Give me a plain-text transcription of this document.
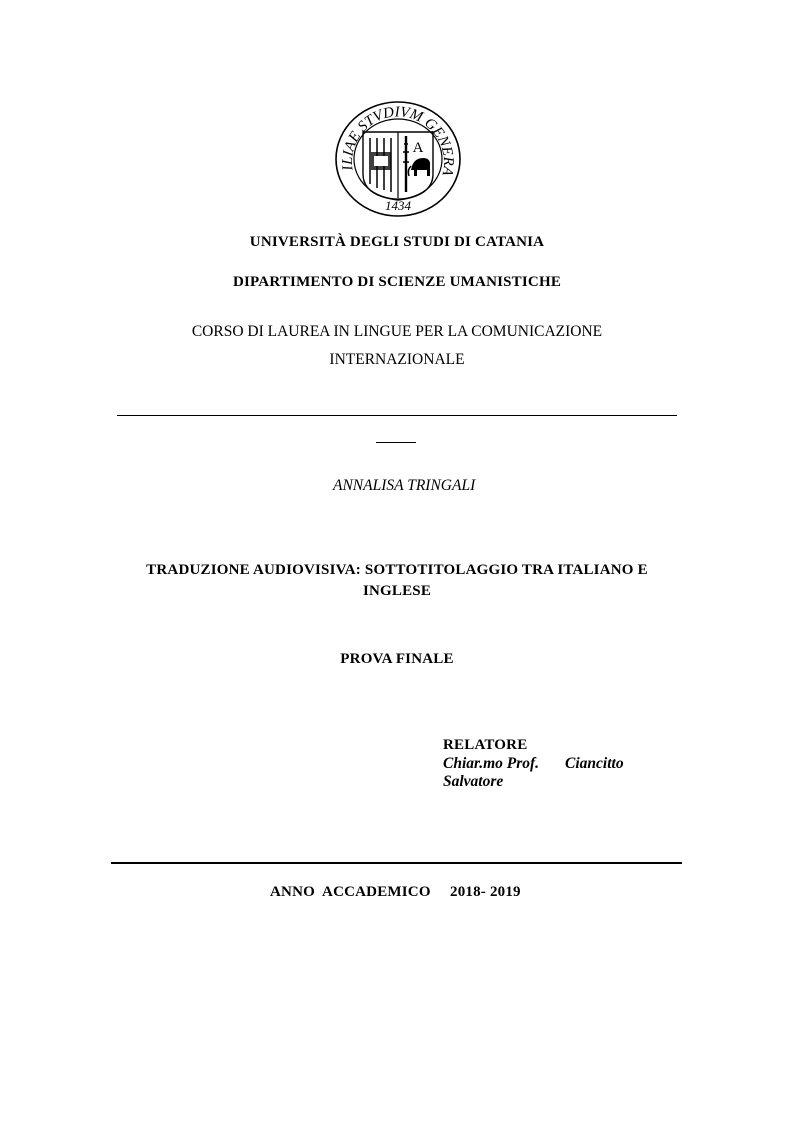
ILIAE STVDIVM GENERA
A
1434
UNIVERSITÀ DEGLI STUDI DI CATANIA
DIPARTIMENTO DI SCIENZE UMANISTICHE
CORSO DI LAUREA IN LINGUE PER LA COMUNICAZIONE
INTERNAZIONALE
ANNALISA TRINGALI
TRADUZIONE AUDIOVISIVA: SOTTOTITOLAGGIO TRA ITALIANO E
INGLESE
PROVA FINALE
RELATORE
Chiar.mo Prof. Ciancitto
Salvatore
ANNO  ACCADEMICO 2018- 2019
